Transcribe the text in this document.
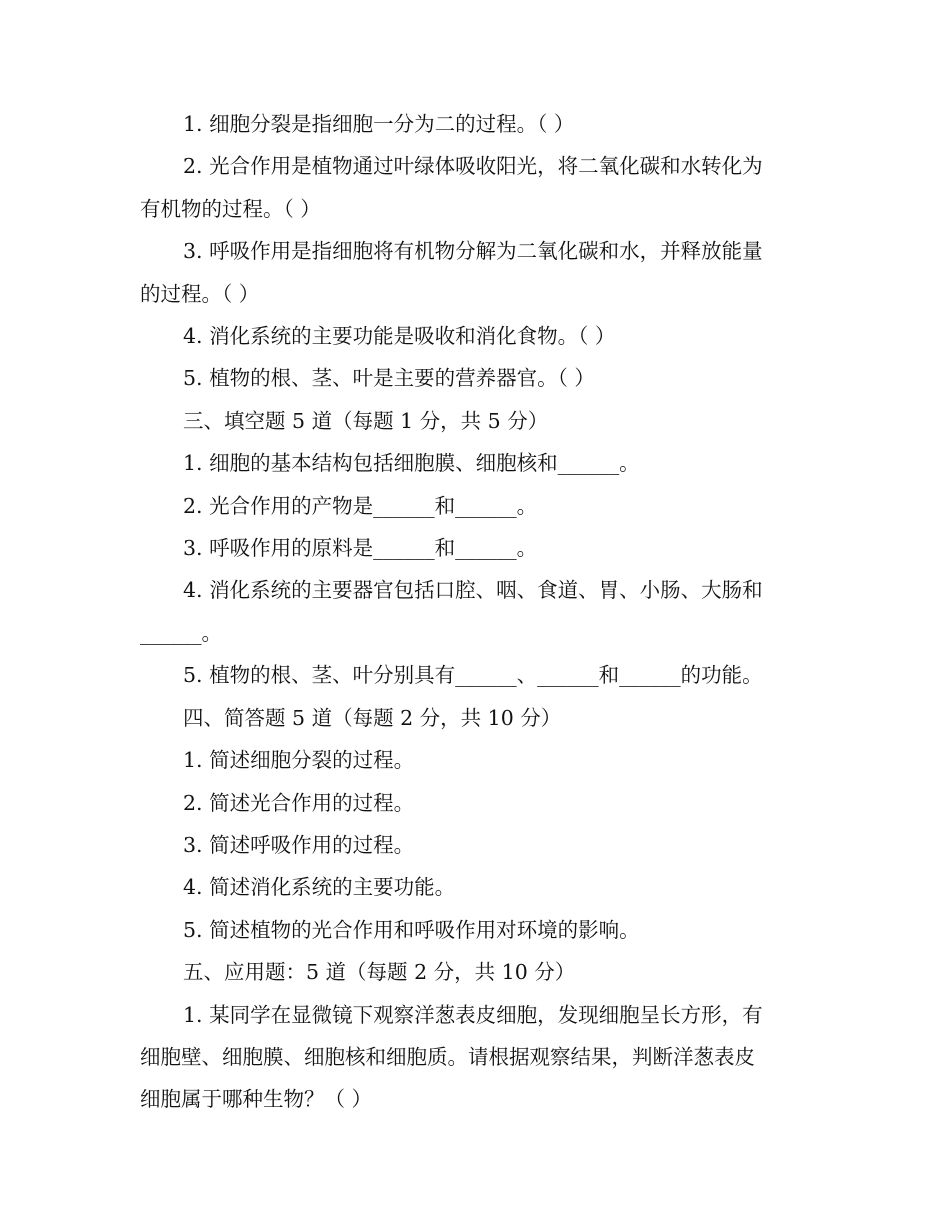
1. 细胞分裂是指细胞一分为二的过程。（ ）

2. 光合作用是植物通过叶绿体吸收阳光，将二氧化碳和水转化为

有机物的过程。（ ）

3. 呼吸作用是指细胞将有机物分解为二氧化碳和水，并释放能量

的过程。（ ）

4. 消化系统的主要功能是吸收和消化食物。（ ）

5. 植物的根、茎、叶是主要的营养器官。（ ）

三、填空题 5 道（每题 1 分，共 5 分）

1. 细胞的基本结构包括细胞膜、细胞核和______。

2. 光合作用的产物是______和______。

3. 呼吸作用的原料是______和______。

4. 消化系统的主要器官包括口腔、咽、食道、胃、小肠、大肠和

______。

5. 植物的根、茎、叶分别具有______、______和______的功能。

四、简答题 5 道（每题 2 分，共 10 分）

1. 简述细胞分裂的过程。

2. 简述光合作用的过程。

3. 简述呼吸作用的过程。

4. 简述消化系统的主要功能。

5. 简述植物的光合作用和呼吸作用对环境的影响。

五、应用题：5 道（每题 2 分，共 10 分）

1. 某同学在显微镜下观察洋葱表皮细胞，发现细胞呈长方形，有

细胞壁、细胞膜、细胞核和细胞质。请根据观察结果，判断洋葱表皮

细胞属于哪种生物？（ ）
